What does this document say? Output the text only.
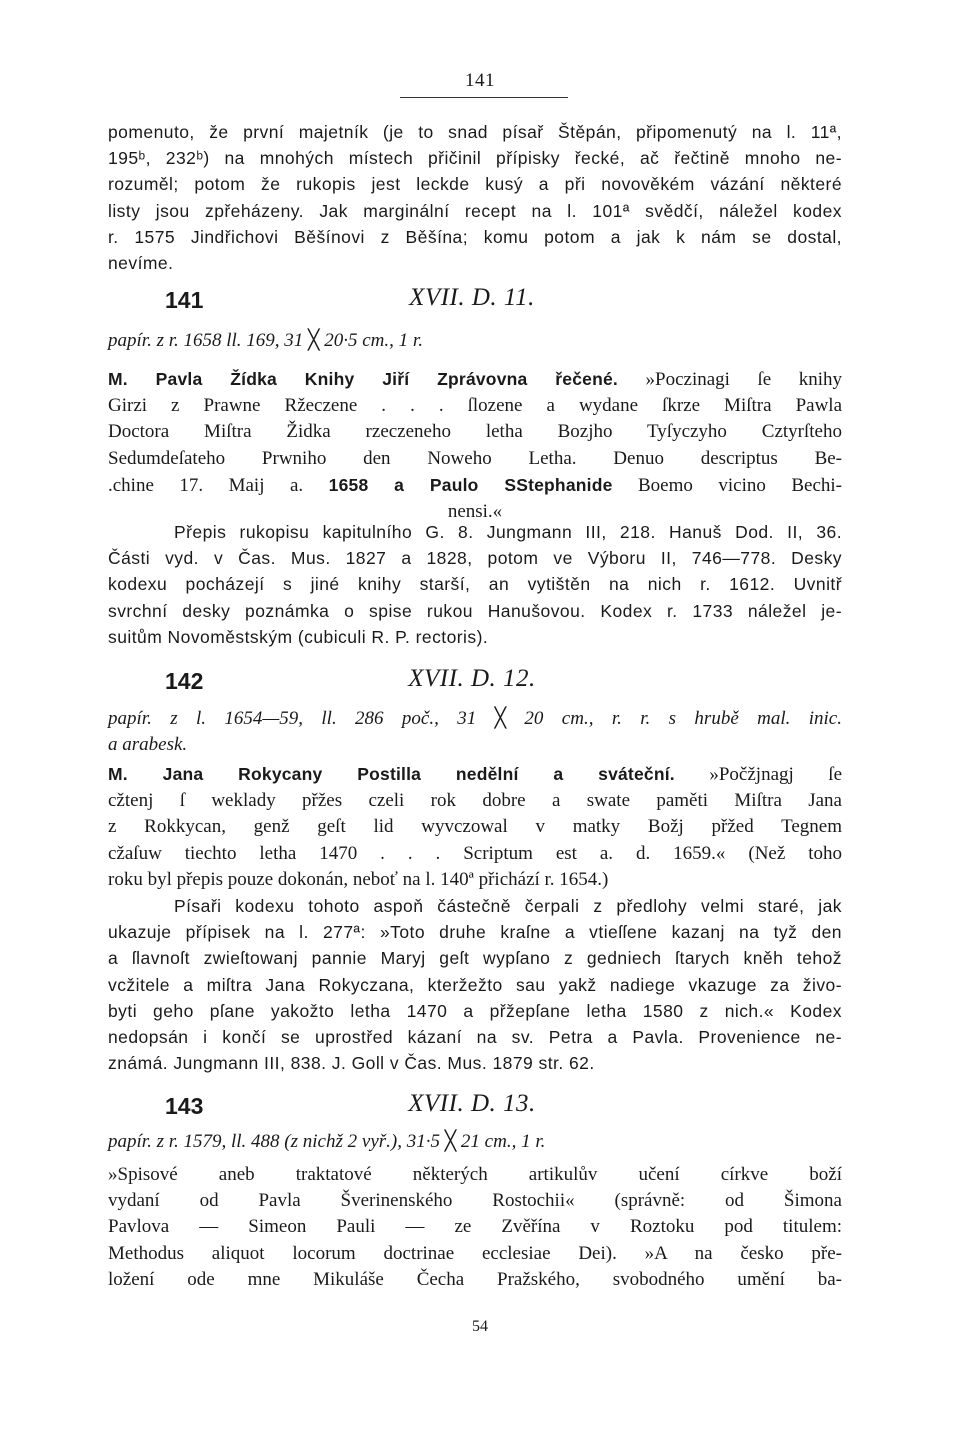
141
pomenuto, že první majetník (je to snad písař Štěpán, připomenutý na l. 11ª,
195ᵇ, 232ᵇ) na mnohých místech přičinil přípisky řecké, ač řečtině mnoho ne-
rozuměl; potom že rukopis jest leckde kusý a při novověkém vázání některé
listy jsou zpřeházeny. Jak marginální recept na l. 101ª svědčí, náležel kodex
r. 1575 Jindřichovi Běšínovi z Běšína; komu potom a jak k nám se dostal,
nevíme.
141	XVII. D. 11.
papír. z r. 1658 ll. 169, 31 ╳ 20·5 cm., 1 r.
M. Pavla Žídka Knihy Jiří Zprávovna řečené. »Poczinagi ſe knihy
Girzi z Prawne Ržeczene . . . ſlozene a wydane ſkrze Miſtra Pawla
Doctora Miſtra Židka rzeczeneho letha Bozjho Tyſyczyho Cztyrſteho
Sedumdeſateho Prwniho den Noweho Letha. Denuo descriptus Be-
.chine 17. Maij a. 1658 a Paulo SStephanide Boemo vicino Bechi-
nensi.«
Přepis rukopisu kapitulního G. 8. Jungmann III, 218. Hanuš Dod. II, 36.
Části vyd. v Čas. Mus. 1827 a 1828, potom ve Výboru II, 746—778. Desky
kodexu pocházejí s jiné knihy starší, an vytištěn na nich r. 1612. Uvnitř
svrchní desky poznámka o spise rukou Hanušovou. Kodex r. 1733 náležel je-
suitům Novoměstským (cubiculi R. P. rectoris).
142	XVII. D. 12.
papír. z l. 1654—59, ll. 286 poč., 31 ╳ 20 cm., r. r. s hrubě mal. inic.
a arabesk.
M. Jana Rokycany Postilla nedělní a sváteční. »Počžjnagj ſe
cžtenj ſ weklady přžes czeli rok dobre a swate paměti Miſtra Jana
z Rokkycan, genž geſt lid wyvczowal v matky Božj přžed Tegnem
cžaſuw tiechto letha 1470 . . . Scriptum est a. d. 1659.« (Než toho
roku byl přepis pouze dokonán, neboť na l. 140ª přichází r. 1654.)
Písaři kodexu tohoto aspoň částečně čerpali z předlohy velmi staré, jak
ukazuje přípisek na l. 277ª: »Toto druhe kraſne a vtieſſene kazanj na tyž den
a ſlavnoſt zwieſtowanj pannie Maryj geſt wypſano z gedniech ſtarych kněh tehož
vcžitele a miſtra Jana Rokyczana, kteržežto sau yakž nadiege vkazuge za živo-
byti geho pſane yakožto letha 1470 a přžepſane letha 1580 z nich.« Kodex
nedopsán i končí se uprostřed kázaní na sv. Petra a Pavla. Provenience ne-
známá. Jungmann III, 838. J. Goll v Čas. Mus. 1879 str. 62.
143	XVII. D. 13.
papír. z r. 1579, ll. 488 (z nichž 2 vyř.), 31·5 ╳ 21 cm., 1 r.
»Spisové aneb traktatové některých artikulův učení církve boží
vydaní od Pavla Šverinenského Rostochii« (správně: od Šimona
Pavlova — Simeon Pauli — ze Zvěřína v Roztoku pod titulem:
Methodus aliquot locorum doctrinae ecclesiae Dei). »A na česko pře-
ložení ode mne Mikuláše Čecha Pražského, svobodného umění ba-
54
